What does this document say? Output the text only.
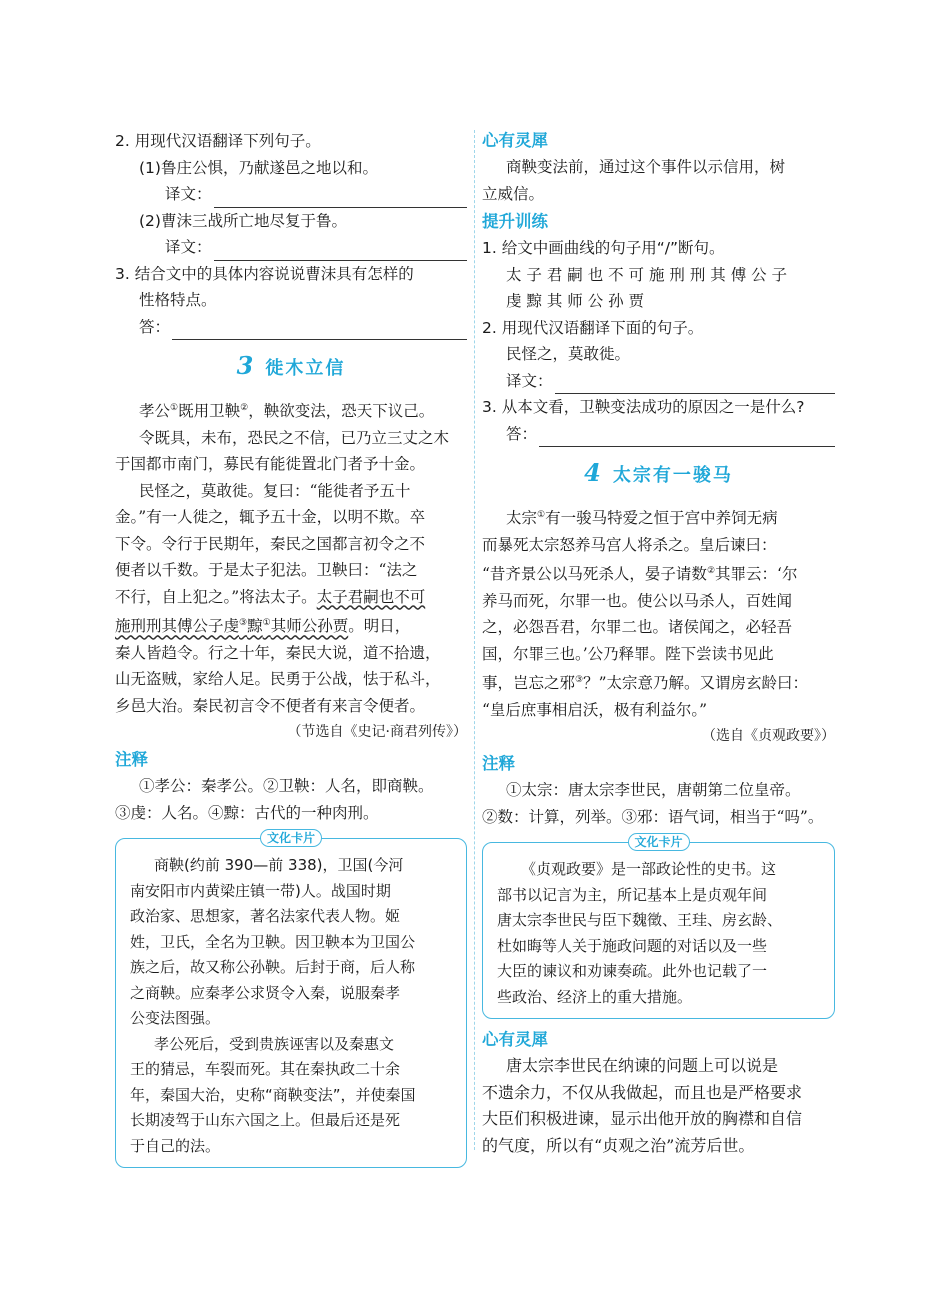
2. 用现代汉语翻译下列句子。
(1)鲁庄公惧，乃献遂邑之地以和。
译文：
(2)曹沫三战所亡地尽复于鲁。
译文：
3. 结合文中的具体内容说说曹沫具有怎样的
性格特点。
答：
3 徙木立信
孝公①既用卫鞅②，鞅欲变法，恐天下议己。
令既具，未布，恐民之不信，已乃立三丈之木
于国都市南门，募民有能徙置北门者予十金。
民怪之，莫敢徙。复曰：“能徙者予五十
金。”有一人徙之，辄予五十金，以明不欺。卒
下令。令行于民期年，秦民之国都言初令之不
便者以千数。于是太子犯法。卫鞅曰：“法之
不行，自上犯之。”将法太子。太子君嗣也不可
施刑刑其傅公子虔③黥①其师公孙贾。明日，
秦人皆趋令。行之十年，秦民大说，道不拾遗，
山无盗贼，家给人足。民勇于公战，怯于私斗，
乡邑大治。秦民初言令不便者有来言令便者。
（节选自《史记·商君列传》）
注释
①孝公：秦孝公。②卫鞅：人名，即商鞅。
③虔：人名。④黥：古代的一种肉刑。
文化卡片
商鞅(约前 390—前 338)，卫国(今河
南安阳市内黄梁庄镇一带)人。战国时期
政治家、思想家，著名法家代表人物。姬
姓，卫氏，全名为卫鞅。因卫鞅本为卫国公
族之后，故又称公孙鞅。后封于商，后人称
之商鞅。应秦孝公求贤令入秦，说服秦孝
公变法图强。
孝公死后，受到贵族诬害以及秦惠文
王的猜忌，车裂而死。其在秦执政二十余
年，秦国大治，史称“商鞅变法”，并使秦国
长期凌驾于山东六国之上。但最后还是死
于自己的法。
心有灵犀
商鞅变法前，通过这个事件以示信用，树
立威信。
提升训练
1. 给文中画曲线的句子用“/”断句。
太 子 君 嗣 也 不 可 施 刑 刑 其 傅 公 子
虔 黥 其 师 公 孙 贾
2. 用现代汉语翻译下面的句子。
民怪之，莫敢徙。
译文：
3. 从本文看，卫鞅变法成功的原因之一是什么?
答：
4 太宗有一骏马
太宗①有一骏马特爱之恒于宫中养饲无病
而暴死太宗怒养马宫人将杀之。皇后谏曰：
“昔齐景公以马死杀人，晏子请数②其罪云：‘尔
养马而死，尔罪一也。使公以马杀人，百姓闻
之，必怨吾君，尔罪二也。诸侯闻之，必轻吾
国，尔罪三也。’公乃释罪。陛下尝读书见此
事，岂忘之邪③？”太宗意乃解。又谓房玄龄曰：
“皇后庶事相启沃，极有利益尔。”
（选自《贞观政要》）
注释
①太宗：唐太宗李世民，唐朝第二位皇帝。
②数：计算，列举。③邪：语气词，相当于“吗”。
文化卡片
《贞观政要》是一部政论性的史书。这
部书以记言为主，所记基本上是贞观年间
唐太宗李世民与臣下魏徵、王珪、房玄龄、
杜如晦等人关于施政问题的对话以及一些
大臣的谏议和劝谏奏疏。此外也记载了一
些政治、经济上的重大措施。
心有灵犀
唐太宗李世民在纳谏的问题上可以说是
不遗余力，不仅从我做起，而且也是严格要求
大臣们积极进谏，显示出他开放的胸襟和自信
的气度，所以有“贞观之治”流芳后世。
